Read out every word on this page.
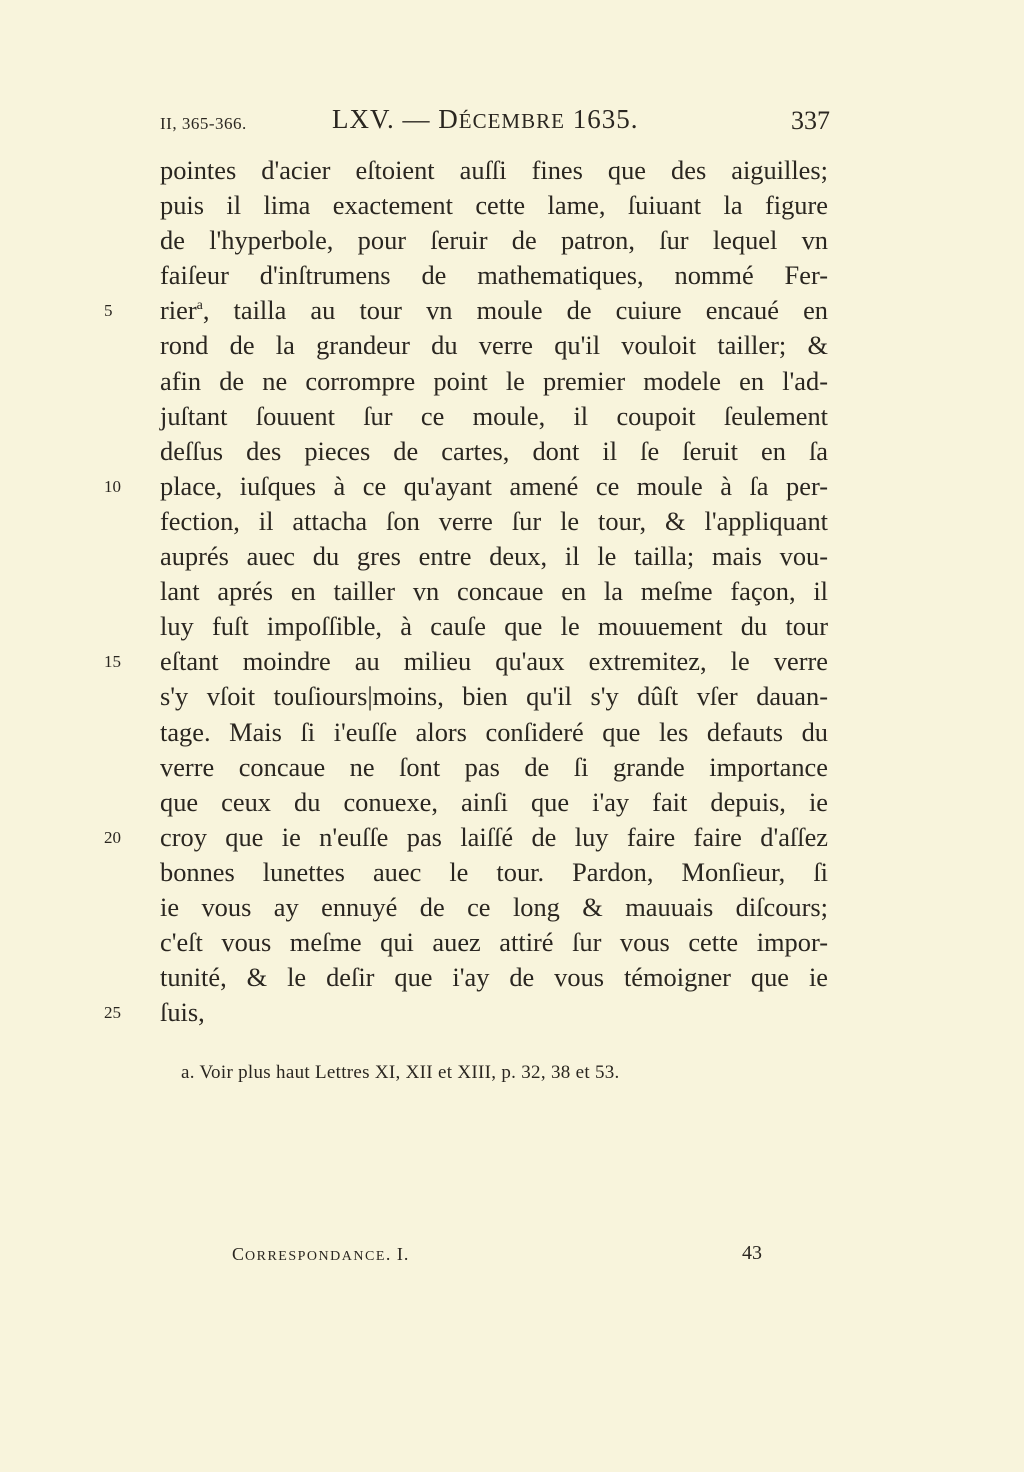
II, 365-366.	LXV. — DÉCEMBRE 1635.	337
pointes d'acier eſtoient auſſi fines que des aiguilles;
puis il lima exactement cette lame, ſuiuant la figure
de l'hyperbole, pour ſeruir de patron, ſur lequel vn
faiſeur d'inſtrumens de mathematiques, nommé Fer-
5	rier$^a$, tailla au tour vn moule de cuiure encaué en
rond de la grandeur du verre qu'il vouloit tailler; &
afin de ne corrompre point le premier modele en l'ad-
juſtant ſouuent ſur ce moule, il coupoit ſeulement
deſſus des pieces de cartes, dont il ſe ſeruit en ſa
10	place, iuſques à ce qu'ayant amené ce moule à ſa per-
fection, il attacha ſon verre ſur le tour, & l'appliquant
auprés auec du gres entre deux, il le tailla; mais vou-
lant aprés en tailler vn concaue en la meſme façon, il
luy fuſt impoſſible, à cauſe que le mouuement du tour
15	eſtant moindre au milieu qu'aux extremitez, le verre
s'y vſoit touſiours|moins, bien qu'il s'y dûſt vſer dauan-
tage. Mais ſi i'euſſe alors conſideré que les defauts du
verre concaue ne ſont pas de ſi grande importance
que ceux du conuexe, ainſi que i'ay fait depuis, ie
20	croy que ie n'euſſe pas laiſſé de luy faire faire d'aſſez
bonnes lunettes auec le tour. Pardon, Monſieur, ſi
ie vous ay ennuyé de ce long & mauuais diſcours;
c'eſt vous meſme qui auez attiré ſur vous cette impor-
tunité, & le deſir que i'ay de vous témoigner que ie
25	ſuis,
a. Voir plus haut Lettres XI, XII et XIII, p. 32, 38 et 53.
CORRESPONDANCE. I.	43
